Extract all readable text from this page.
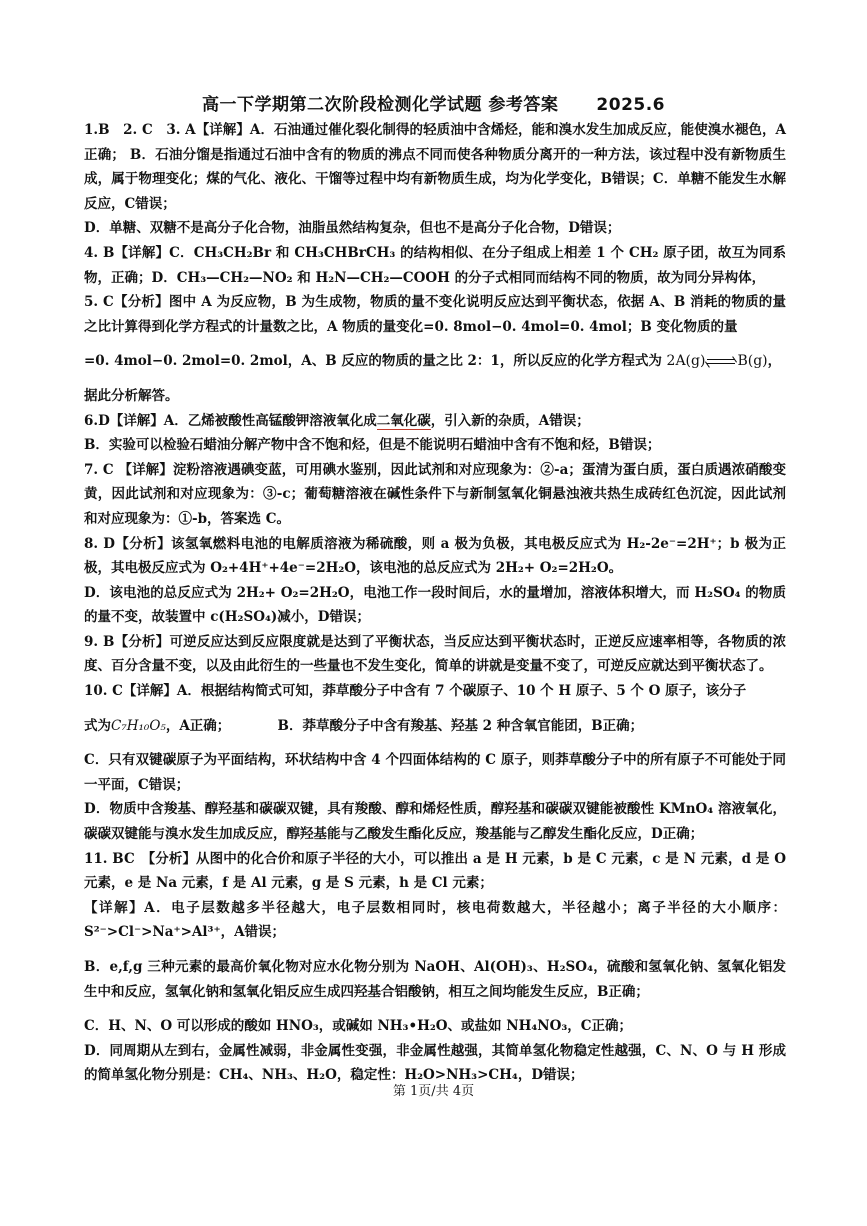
高一下学期第二次阶段检测化学试题 参考答案 2025.6

1.B　2. C　3. A【详解】A．石油通过催化裂化制得的轻质油中含烯烃，能和溴水发生加成反应，能使溴水褪色，A正确； B．石油分馏是指通过石油中含有的物质的沸点不同而使各种物质分离开的一种方法，该过程中没有新物质生成，属于物理变化；煤的气化、液化、干馏等过程中均有新物质生成，均为化学变化，B错误；C．单糖不能发生水解反应，C错误；

D．单糖、双糖不是高分子化合物，油脂虽然结构复杂，但也不是高分子化合物，D错误；

4. B【详解】C．CH₃CH₂Br 和 CH₃CHBrCH₃ 的结构相似、在分子组成上相差 1 个 CH₂ 原子团，故互为同系物，正确；D．CH₃—CH₂—NO₂ 和 H₂N—CH₂—COOH 的分子式相同而结构不同的物质，故为同分异构体，

5. C【分析】图中 A 为反应物，B 为生成物，物质的量不变化说明反应达到平衡状态，依据 A、B 消耗的物质的量之比计算得到化学方程式的计量数之比，A 物质的量变化=0. 8mol−0. 4mol=0. 4mol；B 变化物质的量

=0. 4mol−0. 2mol=0. 2mol，A、B 反应的物质的量之比 2：1，所以反应的化学方程式为 2A(g) B(g) ，

据此分析解答。

6.D【详解】A．乙烯被酸性高锰酸钾溶液氧化成二氧化碳，引入新的杂质，A错误；

B．实验可以检验石蜡油分解产物中含不饱和烃，但是不能说明石蜡油中含有不饱和烃，B错误；

7. C 【详解】淀粉溶液遇碘变蓝，可用碘水鉴别，因此试剂和对应现象为：②-a；蛋清为蛋白质，蛋白质遇浓硝酸变黄，因此试剂和对应现象为：③-c；葡萄糖溶液在碱性条件下与新制氢氧化铜悬浊液共热生成砖红色沉淀，因此试剂和对应现象为：①-b，答案选 C。

8. D【分析】该氢氧燃料电池的电解质溶液为稀硫酸，则 a 极为负极，其电极反应式为 H₂-2e⁻=2H⁺；b 极为正极，其电极反应式为 O₂+4H⁺+4e⁻=2H₂O，该电池的总反应式为 2H₂+ O₂=2H₂O。

D．该电池的总反应式为 2H₂+ O₂=2H₂O，电池工作一段时间后，水的量增加，溶液体积增大，而 H₂SO₄ 的物质的量不变，故装置中 c(H₂SO₄)减小，D错误；

9. B【分析】可逆反应达到反应限度就是达到了平衡状态，当反应达到平衡状态时，正逆反应速率相等，各物质的浓度、百分含量不变，以及由此衍生的一些量也不发生变化，简单的讲就是变量不变了，可逆反应就达到平衡状态了。

10. C【详解】A．根据结构简式可知，莽草酸分子中含有 7 个碳原子、10 个 H 原子、5 个 O 原子，该分子

式为C₇H₁₀O₅，A正确；　　　　B．莽草酸分子中含有羧基、羟基 2 种含氧官能团，B正确；

C．只有双键碳原子为平面结构，环状结构中含 4 个四面体结构的 C 原子，则莽草酸分子中的所有原子不可能处于同一平面，C错误；

D．物质中含羧基、醇羟基和碳碳双键，具有羧酸、醇和烯烃性质，醇羟基和碳碳双键能被酸性 KMnO₄ 溶液氧化，碳碳双键能与溴水发生加成反应，醇羟基能与乙酸发生酯化反应，羧基能与乙醇发生酯化反应，D正确；

11. BC　【分析】从图中的化合价和原子半径的大小，可以推出 a 是 H 元素，b 是 C 元素，c 是 N 元素，d 是 O 元素，e 是 Na 元素，f 是 Al 元素，g 是 S 元素，h 是 Cl 元素；

【详解】A．电子层数越多半径越大，电子层数相同时，核电荷数越大，半径越小；离子半径的大小顺序：S²⁻>Cl⁻>Na⁺>Al³⁺，A错误；

B．e,f,g 三种元素的最高价氧化物对应水化物分别为 NaOH、Al(OH)₃、H₂SO₄，硫酸和氢氧化钠、氢氧化铝发生中和反应，氢氧化钠和氢氧化铝反应生成四羟基合铝酸钠，相互之间均能发生反应，B正确；

C．H、N、O 可以形成的酸如 HNO₃，或碱如 NH₃•H₂O、或盐如 NH₄NO₃，C正确；

D．同周期从左到右，金属性减弱，非金属性变强，非金属性越强，其简单氢化物稳定性越强，C、N、O 与 H 形成的简单氢化物分别是：CH₄、NH₃、H₂O，稳定性：H₂O>NH₃>CH₄，D错误；

第 1页/共 4页
